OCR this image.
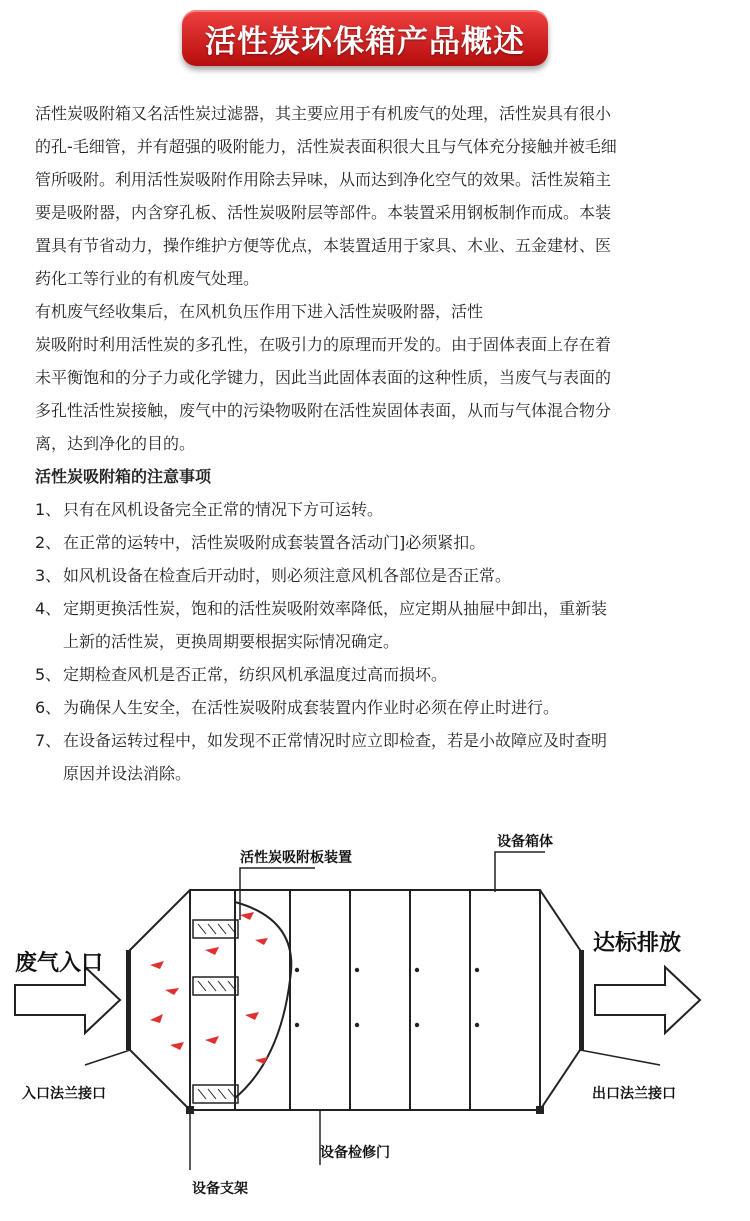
活性炭环保箱产品概述
活性炭吸附箱又名活性炭过滤器，其主要应用于有机废气的处理，活性炭具有很小
的孔-毛细管，并有超强的吸附能力，活性炭表面积很大且与气体充分接触并被毛细
管所吸附。利用活性炭吸附作用除去异味，从而达到净化空气的效果。活性炭箱主
要是吸附器，内含穿孔板、活性炭吸附层等部件。本装置采用钢板制作而成。本装
置具有节省动力，操作维护方便等优点，本装置适用于家具、木业、五金建材、医
药化工等行业的有机废气处理。
有机废气经收集后，在风机负压作用下进入活性炭吸附器，活性
炭吸附时利用活性炭的多孔性，在吸引力的原理而开发的。由于固体表面上存在着
未平衡饱和的分子力或化学键力，因此当此固体表面的这种性质，当废气与表面的
多孔性活性炭接触，废气中的污染物吸附在活性炭固体表面，从而与气体混合物分
离，达到净化的目的。
活性炭吸附箱的注意事项
1、 只有在风机设备完全正常的情况下方可运转。
2、 在正常的运转中，活性炭吸附成套装置各活动门]必须紧扣。
3、 如风机设备在检查后开动时，则必须注意风机各部位是否正常。
4、 定期更换活性炭，饱和的活性炭吸附效率降低，应定期从抽屉中卸出，重新装
上新的活性炭，更换周期要根据实际情况确定。
5、 定期检查风机是否正常，纺织风机承温度过高而损坏。
6、 为确保人生安全，在活性炭吸附成套装置内作业时必须在停止时进行。
7、 在设备运转过程中，如发现不正常情况时应立即检查，若是小故障应及时查明
原因并设法消除。
活性炭吸附板装置
设备箱体
废气入口
达标排放
入口法兰接口	出口法兰接口
设备支架
设备检修门
